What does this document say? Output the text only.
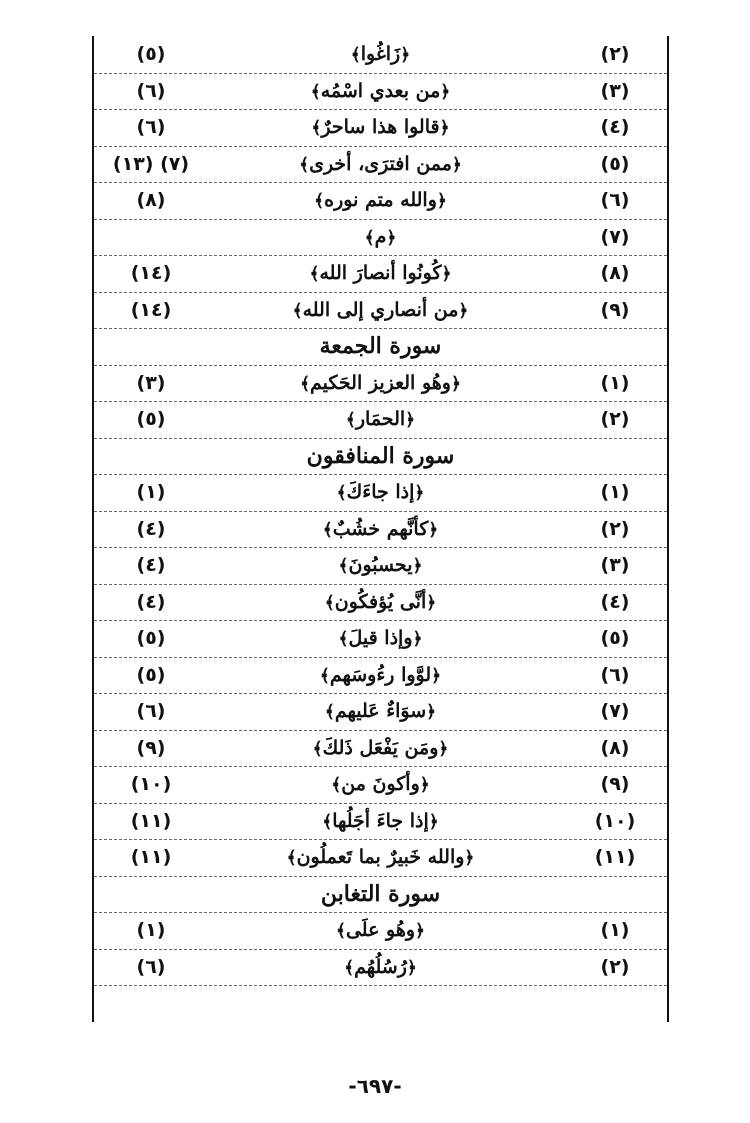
(٢)
﴿زَاغُوا﴾
(٥)
(٣)
﴿من بعدي اسْمُه﴾
(٦)
(٤)
﴿قالوا هذا ساحرٌ﴾
(٦)
(٥)
﴿ممن افترَى، أخرى﴾
(٧) (١٣)
(٦)
﴿والله متم نوره﴾
(٨)
(٧)
﴿م﴾
(٨)
﴿كُونُوا أنصارَ الله﴾
(١٤)
(٩)
﴿من أنصاري إلى الله﴾
(١٤)
سورة الجمعة
(١)
﴿وهُو العزيز الحَكيم﴾
(٣)
(٢)
﴿الحمَار﴾
(٥)
سورة المنافقون
(١)
﴿إذا جاءَكَ﴾
(١)
(٢)
﴿كأنَّهم خشُبٌ﴾
(٤)
(٣)
﴿يحسبُونَ﴾
(٤)
(٤)
﴿أنَّى يُؤفكُون﴾
(٤)
(٥)
﴿وإذا قيلَ﴾
(٥)
(٦)
﴿لوَّوا رءُوسَهم﴾
(٥)
(٧)
﴿سوَاءٌ عَليهم﴾
(٦)
(٨)
﴿ومَن يَفْعَل ذَلكَ﴾
(٩)
(٩)
﴿وأكونَ من﴾
(١٠)
(١٠)
﴿إذا جاءَ أجَلُها﴾
(١١)
(١١)
﴿والله خَبيرٌ بما تَعملُون﴾
(١١)
سورة التغابن
(١)
﴿وهُو علَى﴾
(١)
(٢)
﴿رُسُلُهُم﴾
(٦)
-٦٩٧-
